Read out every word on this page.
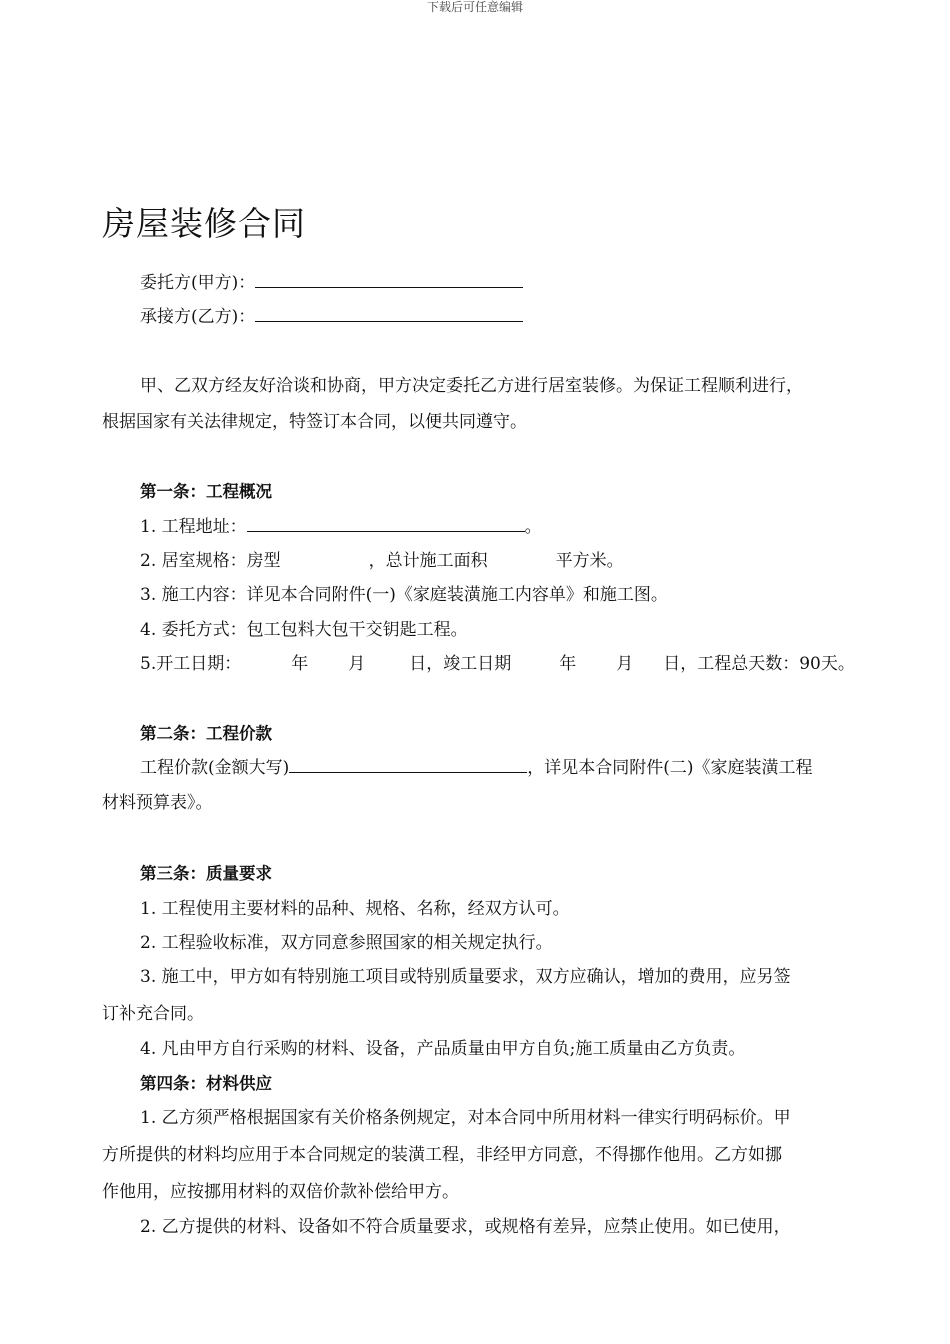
下载后可任意编辑
房屋装修合同
委托方(甲方)：
承接方(乙方)：
甲、乙双方经友好洽谈和协商，甲方决定委托乙方进行居室装修。为保证工程顺利进行，
根据国家有关法律规定，特签订本合同，以便共同遵守。
第一条：工程概况
1. 工程地址：	。
2. 居室规格：房型	，总计施工面积	平方米。
3. 施工内容：详见本合同附件(一)《家庭装潢施工内容单》和施工图。
4. 委托方式：包工包料大包干交钥匙工程。
5.开工日期：	年 月	日，竣工日期	年 月 日，工程总天数：90天。
第二条：工程价款
工程价款(金额大写)	，详见本合同附件(二)《家庭装潢工程
材料预算表》。
第三条：质量要求
1. 工程使用主要材料的品种、规格、名称，经双方认可。
2. 工程验收标准，双方同意参照国家的相关规定执行。
3. 施工中，甲方如有特别施工项目或特别质量要求，双方应确认，增加的费用，应另签
订补充合同。
4. 凡由甲方自行采购的材料、设备，产品质量由甲方自负;施工质量由乙方负责。
第四条：材料供应
1. 乙方须严格根据国家有关价格条例规定，对本合同中所用材料一律实行明码标价。甲
方所提供的材料均应用于本合同规定的装潢工程，非经甲方同意，不得挪作他用。乙方如挪
作他用，应按挪用材料的双倍价款补偿给甲方。
2. 乙方提供的材料、设备如不符合质量要求，或规格有差异，应禁止使用。如已使用，
